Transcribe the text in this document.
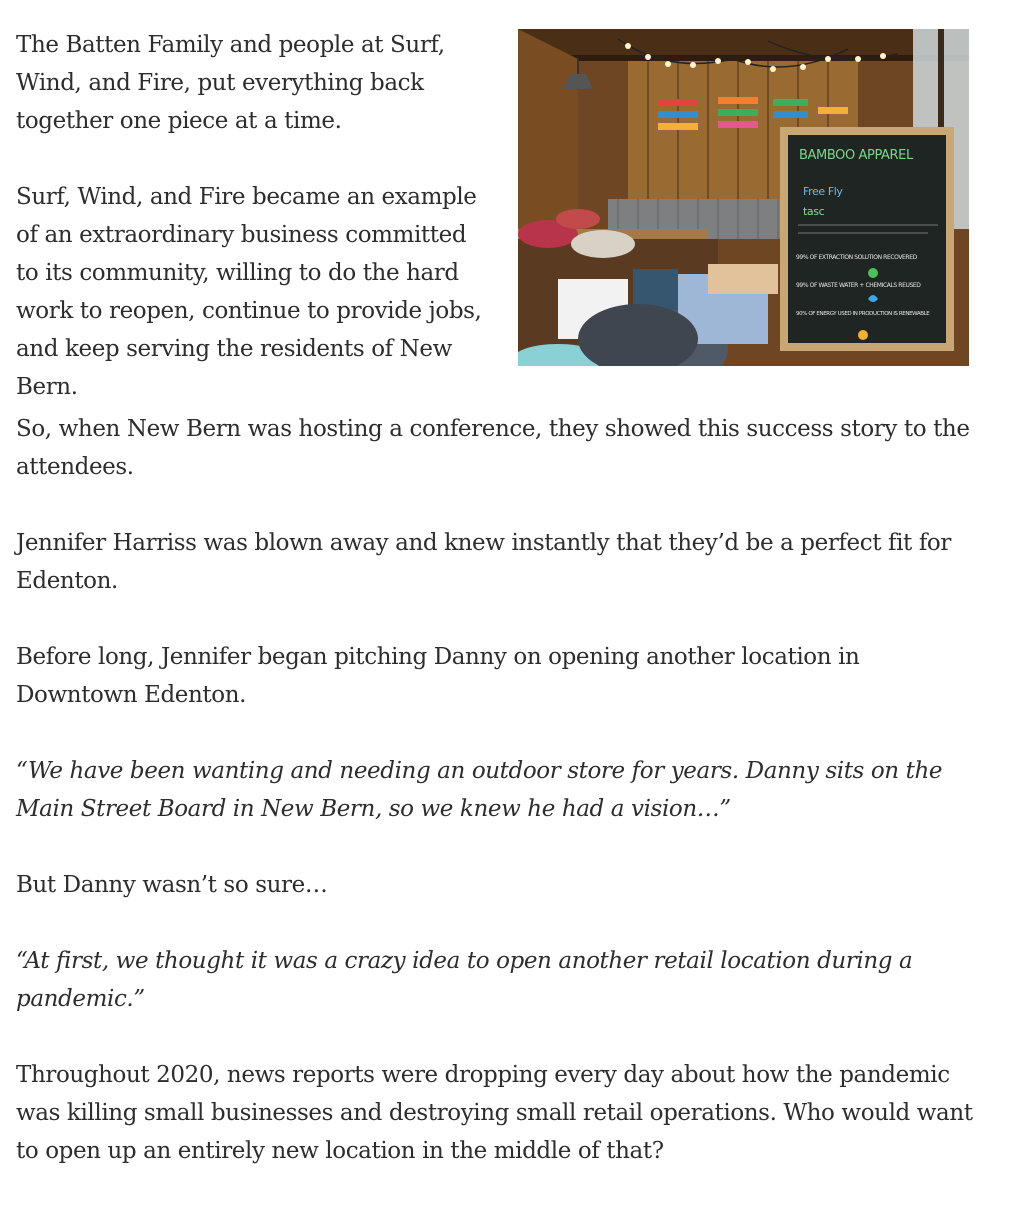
The Batten Family and people at Surf, Wind, and Fire, put everything back together one piece at a time.

Surf, Wind, and Fire became an example of an extraordinary business committed to its community, willing to do the hard work to reopen, continue to provide jobs, and keep serving the residents of New Bern.

BAMBOO APPAREL
Free Fly
tasc
99% OF EXTRACTION SOLUTION RECOVERED
99% OF WASTE WATER + CHEMICALS REUSED
90% OF ENERGY USED IN PRODUCTION IS RENEWABLE

So, when New Bern was hosting a conference, they showed this success story to the attendees.

Jennifer Harriss was blown away and knew instantly that they’d be a perfect fit for Edenton.

Before long, Jennifer began pitching Danny on opening another location in Downtown Edenton.

“We have been wanting and needing an outdoor store for years. Danny sits on the Main Street Board in New Bern, so we knew he had a vision…”

But Danny wasn’t so sure…

“At first, we thought it was a crazy idea to open another retail location during a pandemic.”

Throughout 2020, news reports were dropping every day about how the pandemic was killing small businesses and destroying small retail operations. Who would want to open up an entirely new location in the middle of that?
